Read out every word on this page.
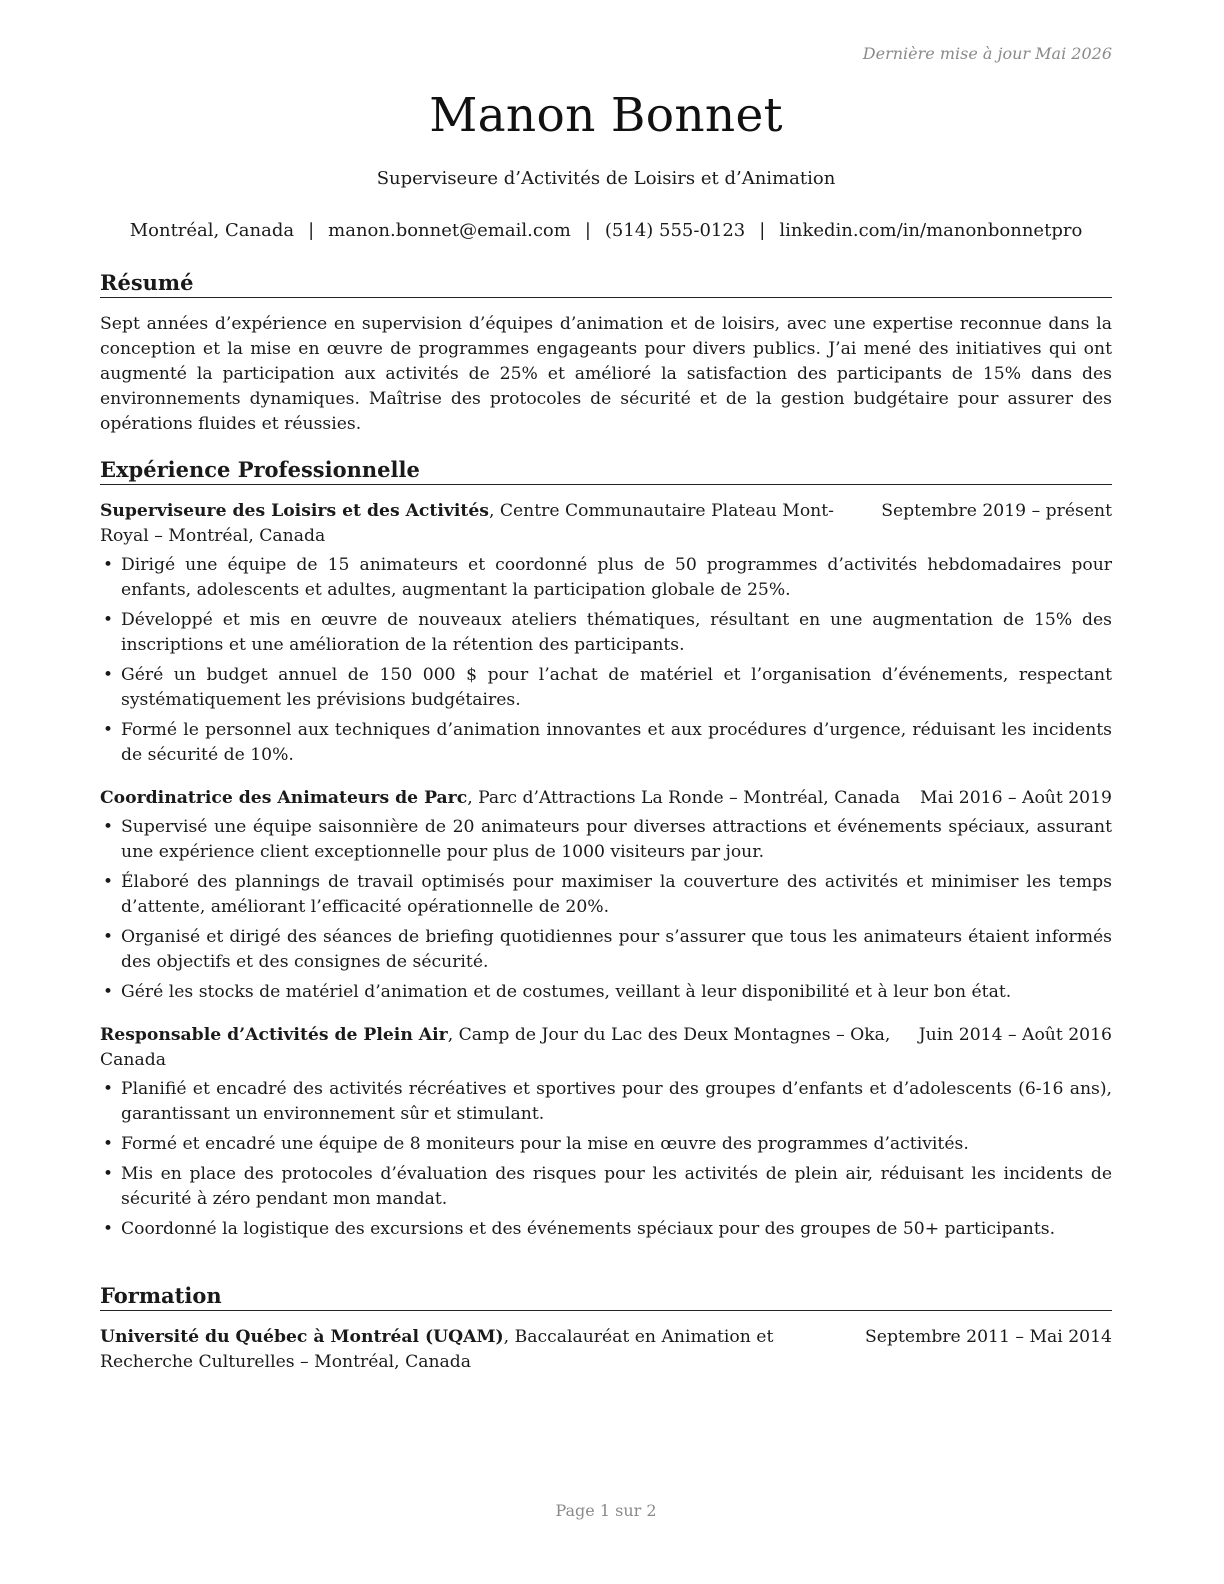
Dernière mise à jour Mai 2026
Manon Bonnet
Superviseure d’Activités de Loisirs et d’Animation
Montréal, Canada | manon.bonnet@email.com | (514) 555-0123 | linkedin.com/in/manonbonnetpro
Résumé

Sept années d’expérience en supervision d’équipes d’animation et de loisirs, avec une expertise reconnue dans la conception et la mise en œuvre de programmes engageants pour divers publics. J’ai mené des initiatives qui ont augmenté la participation aux activités de 25% et amélioré la satisfaction des participants de 15% dans des environnements dynamiques. Maîtrise des protocoles de sécurité et de la gestion budgétaire pour assurer des opérations fluides et réussies.

Expérience Professionnelle
Superviseure des Loisirs et des Activités, Centre Communautaire Plateau Mont-Royal – Montréal, Canada
Septembre 2019 – présent
• Dirigé une équipe de 15 animateurs et coordonné plus de 50 programmes d’activités hebdomadaires pour enfants, adolescents et adultes, augmentant la participation globale de 25%.
• Développé et mis en œuvre de nouveaux ateliers thématiques, résultant en une augmentation de 15% des inscriptions et une amélioration de la rétention des participants.
• Géré un budget annuel de 150 000 $ pour l’achat de matériel et l’organisation d’événements, respectant systématiquement les prévisions budgétaires.
• Formé le personnel aux techniques d’animation innovantes et aux procédures d’urgence, réduisant les incidents de sécurité de 10%.
Coordinatrice des Animateurs de Parc, Parc d’Attractions La Ronde – Montréal, Canada	Mai 2016 – Août 2019
• Supervisé une équipe saisonnière de 20 animateurs pour diverses attractions et événements spéciaux, assurant une expérience client exceptionnelle pour plus de 1000 visiteurs par jour.
• Élaboré des plannings de travail optimisés pour maximiser la couverture des activités et minimiser les temps d’attente, améliorant l’efficacité opérationnelle de 20%.
• Organisé et dirigé des séances de briefing quotidiennes pour s’assurer que tous les animateurs étaient informés des objectifs et des consignes de sécurité.
• Géré les stocks de matériel d’animation et de costumes, veillant à leur disponibilité et à leur bon état.
Responsable d’Activités de Plein Air, Camp de Jour du Lac des Deux Montagnes – Oka, Canada
Juin 2014 – Août 2016
• Planifié et encadré des activités récréatives et sportives pour des groupes d’enfants et d’adolescents (6-16 ans), garantissant un environnement sûr et stimulant.
• Formé et encadré une équipe de 8 moniteurs pour la mise en œuvre des programmes d’activités.
• Mis en place des protocoles d’évaluation des risques pour les activités de plein air, réduisant les incidents de sécurité à zéro pendant mon mandat.
• Coordonné la logistique des excursions et des événements spéciaux pour des groupes de 50+ participants.
Formation
Université du Québec à Montréal (UQAM), Baccalauréat en Animation et Recherche Culturelles – Montréal, Canada
Septembre 2011 – Mai 2014
Page 1 sur 2
